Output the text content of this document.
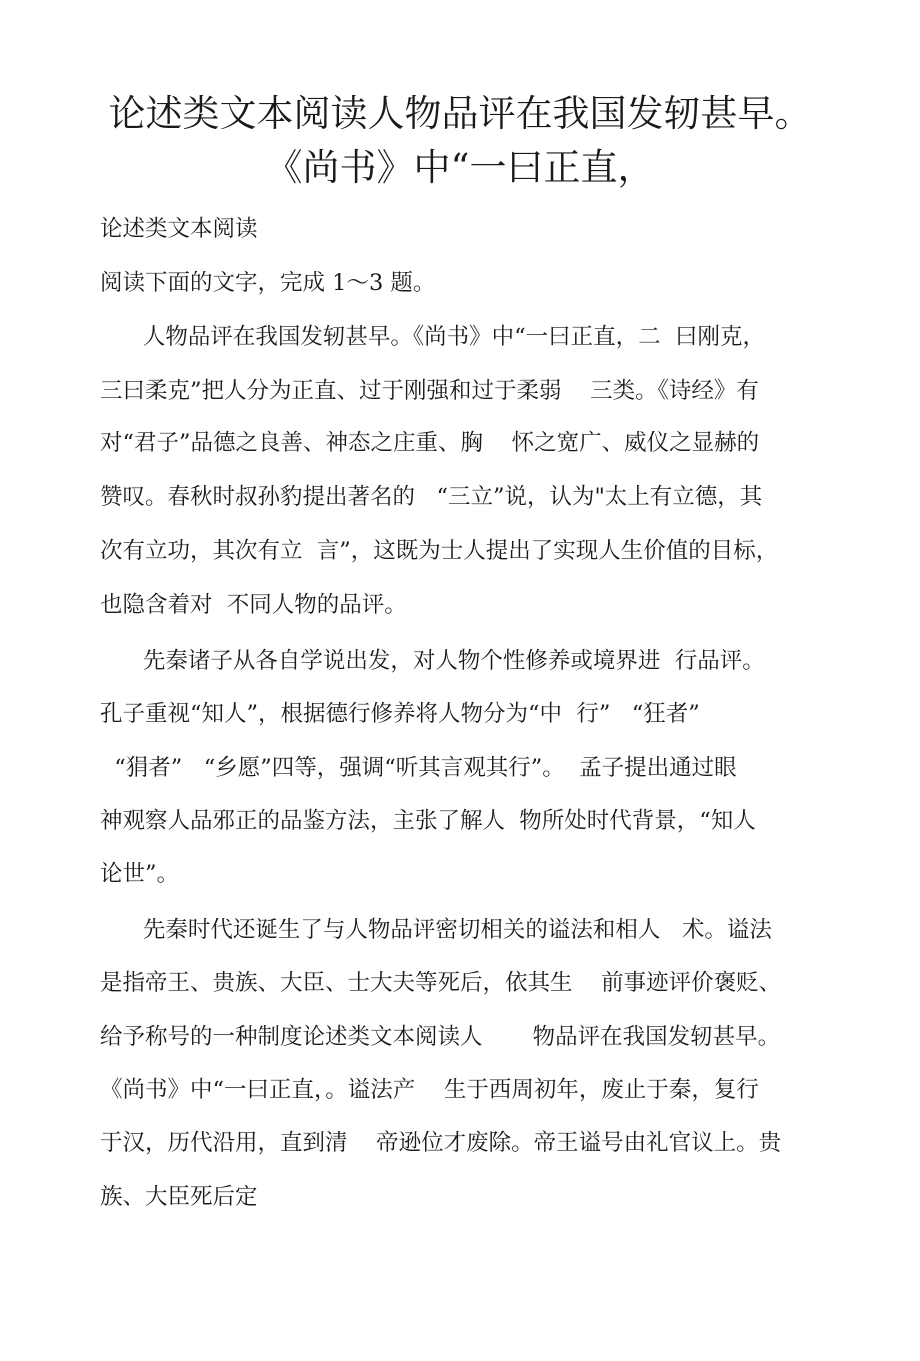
论述类文本阅读人物品评在我国发轫甚早。
《尚书》中“一曰正直，
论述类文本阅读
阅读下面的文字，完成 1～3 题。
人物品评在我国发轫甚早。《尚书》中“一曰正直，二  曰刚克，
三曰柔克”把人分为正直、过于刚强和过于柔弱    三类。《诗经》有
对“君子”品德之良善、神态之庄重、胸    怀之宽广、威仪之显赫的
赞叹。春秋时叔孙豹提出著名的   “三立”说，认为"太上有立德，其
次有立功，其次有立  言”，这既为士人提出了实现人生价值的目标，
也隐含着对  不同人物的品评。
先秦诸子从各自学说出发，对人物个性修养或境界进  行品评。
孔子重视“知人”，根据德行修养将人物分为“中  行”   “狂者”
“狷者”   “乡愿”四等，强调“听其言观其行”。  孟子提出通过眼
神观察人品邪正的品鉴方法，主张了解人  物所处时代背景，“知人
论世”。
先秦时代还诞生了与人物品评密切相关的谥法和相人   术。谥法
是指帝王、贵族、大臣、士大夫等死后，依其生    前事迹评价褒贬、
给予称号的一种制度论述类文本阅读人       物品评在我国发轫甚早。
《尚书》中“一曰正直，。谥法产    生于西周初年，废止于秦，复行
于汉，历代沿用，直到清    帝逊位才废除。帝王谥号由礼官议上。贵
族、大臣死后定
